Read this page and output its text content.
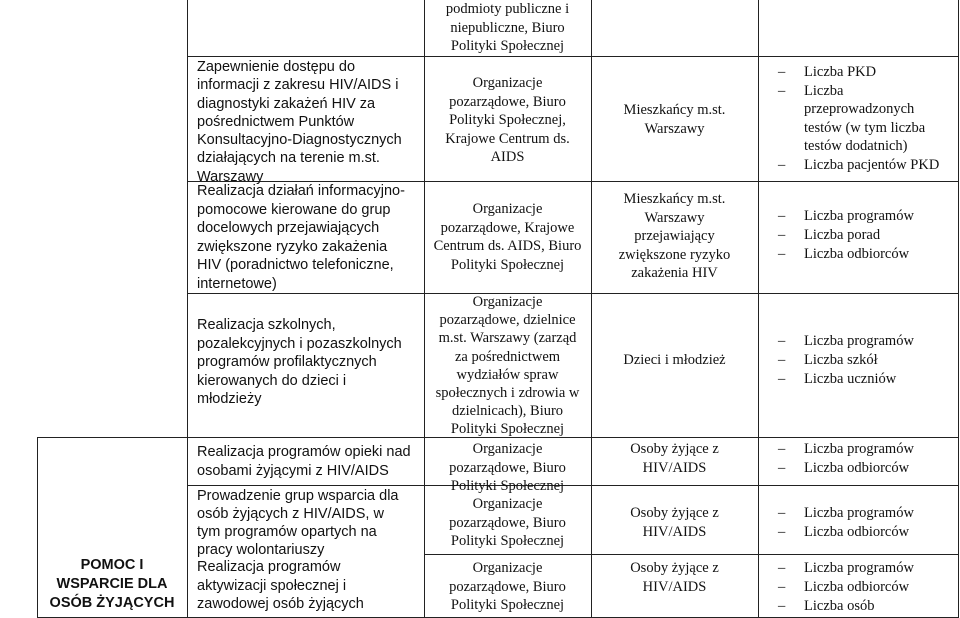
POMOC I
WSPARCIE DLA
OSÓB ŻYJĄCYCH
Zapewnienie dostępu do
informacji z zakresu HIV/AIDS i
diagnostyki zakażeń HIV za
pośrednictwem Punktów
Konsultacyjno-Diagnostycznych
działających na terenie m.st.
Warszawy
Realizacja działań informacyjno-
pomocowe kierowane do grup
docelowych przejawiających
zwiększone ryzyko zakażenia
HIV (poradnictwo telefoniczne,
internetowe)
Realizacja szkolnych,
pozalekcyjnych i pozaszkolnych
programów profilaktycznych
kierowanych do dzieci i
młodzieży
Realizacja programów opieki nad
osobami żyjącymi z HIV/AIDS
Prowadzenie grup wsparcia dla
osób żyjących z HIV/AIDS, w
tym programów opartych na
pracy wolontariuszy
Realizacja programów
aktywizacji społecznej i
zawodowej osób żyjących
podmioty publiczne i
niepubliczne, Biuro
Polityki Społecznej
Organizacje
pozarządowe, Biuro
Polityki Społecznej,
Krajowe Centrum ds.
AIDS
Organizacje
pozarządowe, Krajowe
Centrum ds. AIDS, Biuro
Polityki Społecznej
Organizacje
pozarządowe, dzielnice
m.st. Warszawy (zarząd
za pośrednictwem
wydziałów spraw
społecznych i zdrowia w
dzielnicach), Biuro
Polityki Społecznej
Organizacje
pozarządowe, Biuro
Polityki Społecznej
Organizacje
pozarządowe, Biuro
Polityki Społecznej
Organizacje
pozarządowe, Biuro
Polityki Społecznej
Mieszkańcy m.st.
Warszawy
Mieszkańcy m.st.
Warszawy
przejawiający
zwiększone ryzyko
zakażenia HIV
Dzieci i młodzież
Osoby żyjące z
HIV/AIDS
Osoby żyjące z
HIV/AIDS
Osoby żyjące z
HIV/AIDS
– Liczba PKD
– Liczba
przeprowadzonych
testów (w tym liczba
testów dodatnich)
– Liczba pacjentów PKD
– Liczba programów
– Liczba porad
– Liczba odbiorców
– Liczba programów
– Liczba szkół
– Liczba uczniów
– Liczba programów
– Liczba odbiorców
– Liczba programów
– Liczba odbiorców
– Liczba programów
– Liczba odbiorców
– Liczba osób
